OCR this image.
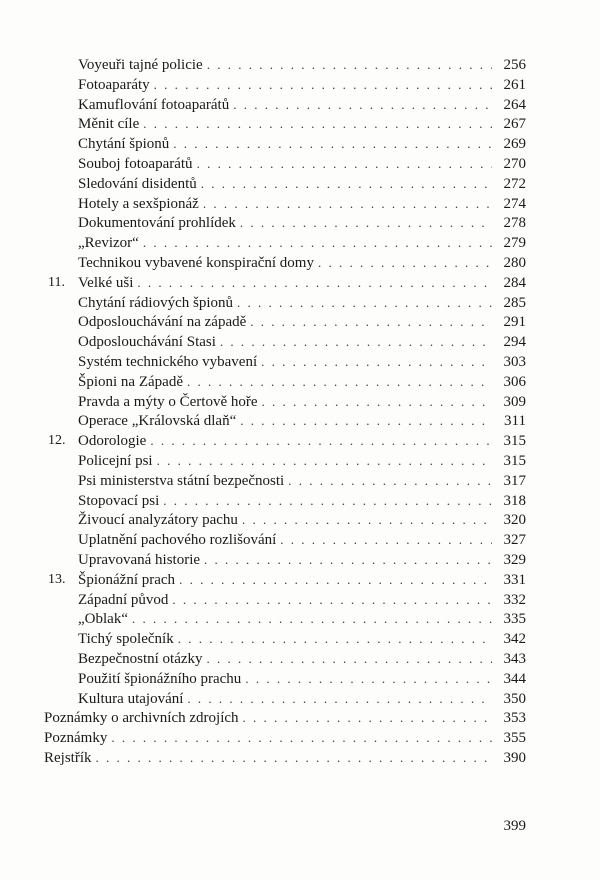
Voyeuři tajné policie . . .	256
Fotoaparáty . . .	261
Kamuflování fotoaparátů . . .	264
Měnit cíle . . .	267
Chytání špionů . . .	269
Souboj fotoaparátů . . .	270
Sledování disidentů . . .	272
Hotely a sexšpionáž . . .	274
Dokumentování prohlídek . . .	278
„Revizor“ . . .	279
Technikou vybavené konspirační domy . . .	280
11. Velké uši . . .	284
Chytání rádiových špionů . . .	285
Odposlouchávání na západě . . .	291
Odposlouchávání Stasi . . .	294
Systém technického vybavení . . .	303
Špioni na Západě . . .	306
Pravda a mýty o Čertově hoře . . .	309
Operace „Královská dlaň“ . . .	311
12. Odorologie . . .	315
Policejní psi . . .	315
Psi ministerstva státní bezpečnosti . . .	317
Stopovací psi . . .	318
Živoucí analyzátory pachu . . .	320
Uplatnění pachového rozlišování . . .	327
Upravovaná historie . . .	329
13. Špionážní prach . . .	331
Západní původ . . .	332
„Oblak“ . . .	335
Tichý společník . . .	342
Bezpečnostní otázky . . .	343
Použití špionážního prachu . . .	344
Kultura utajování . . .	350
Poznámky o archivních zdrojích . . .	353
Poznámky . . .	355
Rejstřík . . .	390
399
